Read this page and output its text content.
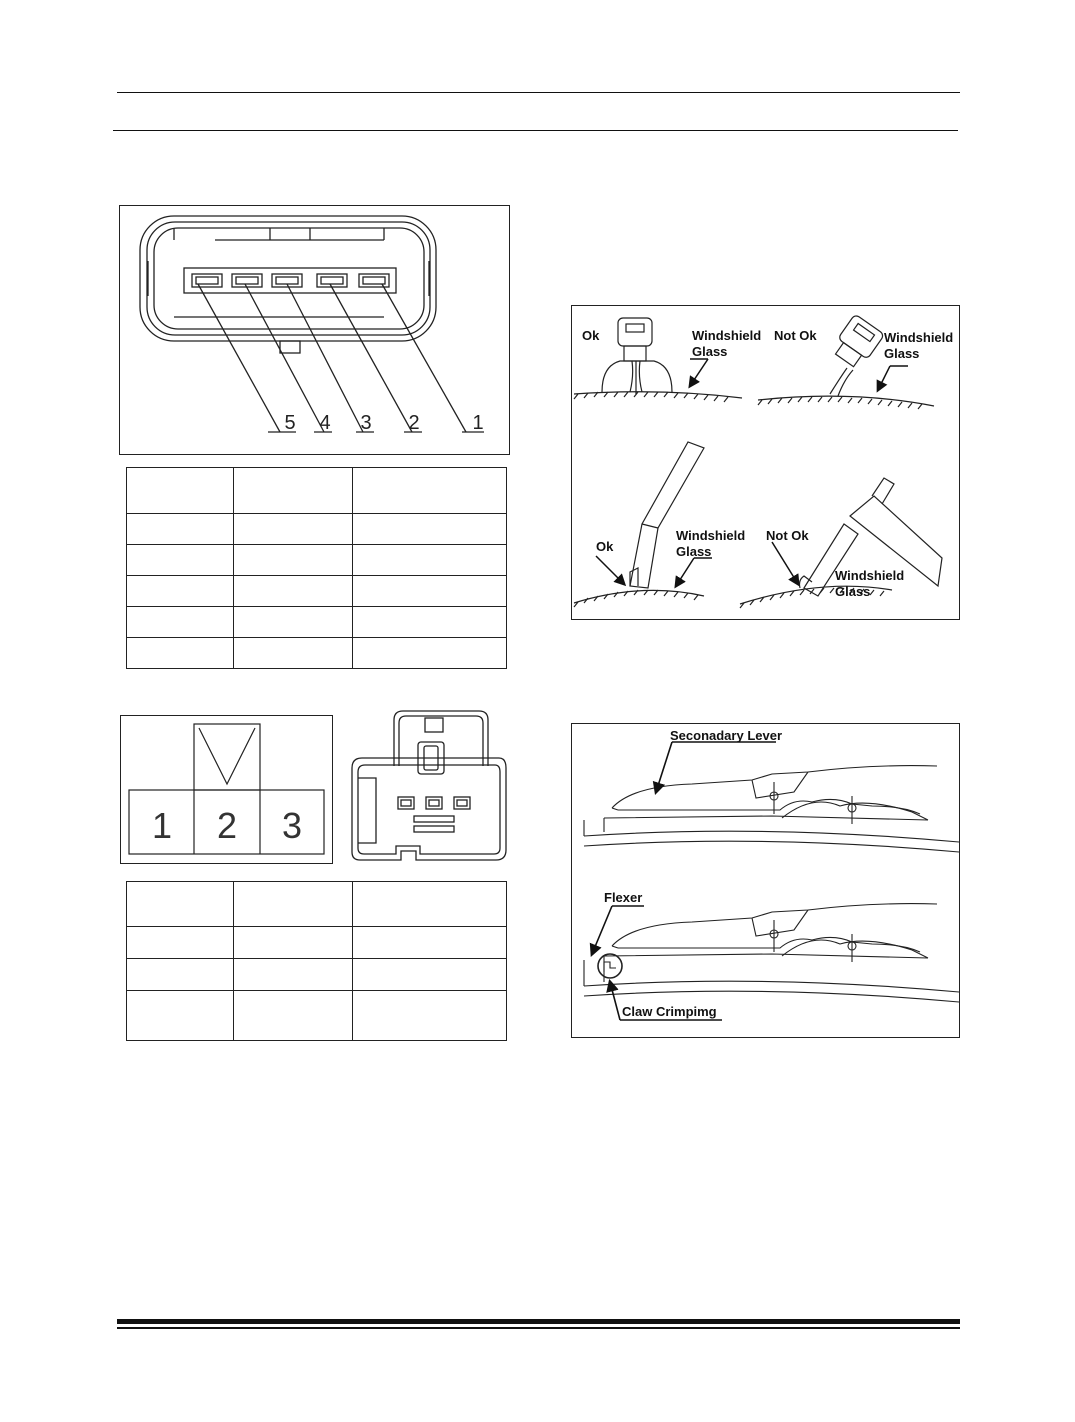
5 4 3 2	1

1 2 3

Ok	Windshield
Glass
Not Ok	Windshield
Glass
Ok
Windshield
Glass
Not Ok
Windshield
Glass
Seconadary Lever
Flexer
Claw Crimpimg
